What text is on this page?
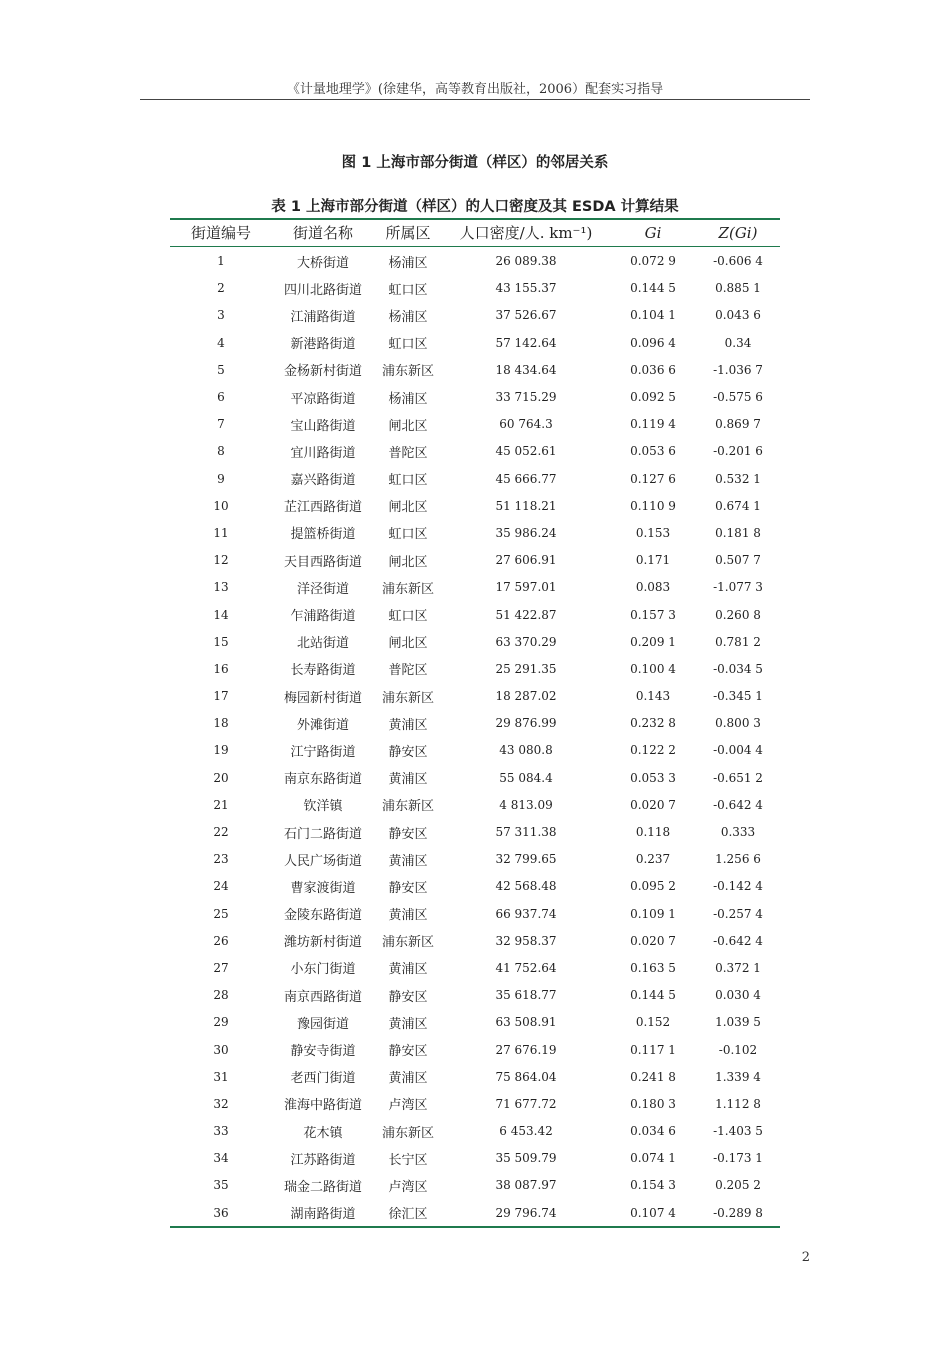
《计量地理学》(徐建华，高等教育出版社，2006）配套实习指导
图 1 上海市部分街道（样区）的邻居关系
表 1 上海市部分街道（样区）的人口密度及其 ESDA 计算结果
街道编号	街道名称	所属区	人口密度/人. km⁻¹)	Gi	Z(Gi)
1	大桥街道	杨浦区	26 089.38	0.072 9	-0.606 4
2	四川北路街道	虹口区	43 155.37	0.144 5	0.885 1
3	江浦路街道	杨浦区	37 526.67	0.104 1	0.043 6
4	新港路街道	虹口区	57 142.64	0.096 4	0.34
5	金杨新村街道	浦东新区	18 434.64	0.036 6	-1.036 7
6	平凉路街道	杨浦区	33 715.29	0.092 5	-0.575 6
7	宝山路街道	闸北区	60 764.3	0.119 4	0.869 7
8	宜川路街道	普陀区	45 052.61	0.053 6	-0.201 6
9	嘉兴路街道	虹口区	45 666.77	0.127 6	0.532 1
10	芷江西路街道	闸北区	51 118.21	0.110 9	0.674 1
11	提篮桥街道	虹口区	35 986.24	0.153	0.181 8
12	天目西路街道	闸北区	27 606.91	0.171	0.507 7
13	洋泾街道	浦东新区	17 597.01	0.083	-1.077 3
14	乍浦路街道	虹口区	51 422.87	0.157 3	0.260 8
15	北站街道	闸北区	63 370.29	0.209 1	0.781 2
16	长寿路街道	普陀区	25 291.35	0.100 4	-0.034 5
17	梅园新村街道	浦东新区	18 287.02	0.143	-0.345 1
18	外滩街道	黄浦区	29 876.99	0.232 8	0.800 3
19	江宁路街道	静安区	43 080.8	0.122 2	-0.004 4
20	南京东路街道	黄浦区	55 084.4	0.053 3	-0.651 2
21	钦洋镇	浦东新区	4 813.09	0.020 7	-0.642 4
22	石门二路街道	静安区	57 311.38	0.118	0.333
23	人民广场街道	黄浦区	32 799.65	0.237	1.256 6
24	曹家渡街道	静安区	42 568.48	0.095 2	-0.142 4
25	金陵东路街道	黄浦区	66 937.74	0.109 1	-0.257 4
26	潍坊新村街道	浦东新区	32 958.37	0.020 7	-0.642 4
27	小东门街道	黄浦区	41 752.64	0.163 5	0.372 1
28	南京西路街道	静安区	35 618.77	0.144 5	0.030 4
29	豫园街道	黄浦区	63 508.91	0.152	1.039 5
30	静安寺街道	静安区	27 676.19	0.117 1	-0.102
31	老西门街道	黄浦区	75 864.04	0.241 8	1.339 4
32	淮海中路街道	卢湾区	71 677.72	0.180 3	1.112 8
33	花木镇	浦东新区	6 453.42	0.034 6	-1.403 5
34	江苏路街道	长宁区	35 509.79	0.074 1	-0.173 1
35	瑞金二路街道	卢湾区	38 087.97	0.154 3	0.205 2
36	湖南路街道	徐汇区	29 796.74	0.107 4	-0.289 8
2
